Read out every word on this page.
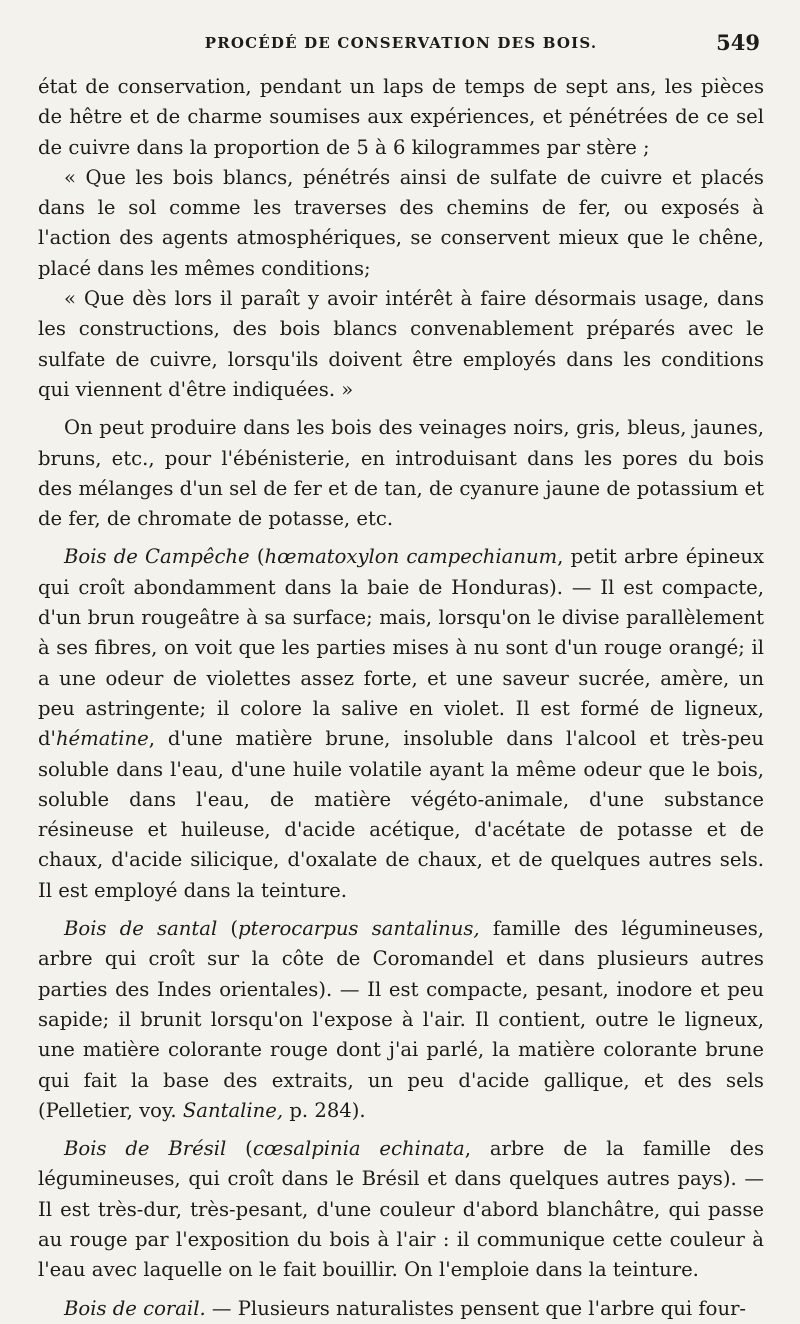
PROCÉDÉ DE CONSERVATION DES BOIS.	549

état de conservation, pendant un laps de temps de sept ans, les pièces de hêtre et de charme soumises aux expériences, et pénétrées de ce sel de cuivre dans la proportion de 5 à 6 kilogrammes par stère ;

« Que les bois blancs, pénétrés ainsi de sulfate de cuivre et placés dans le sol comme les traverses des chemins de fer, ou exposés à l'action des agents atmosphériques, se conservent mieux que le chêne, placé dans les mêmes conditions;

« Que dès lors il paraît y avoir intérêt à faire désormais usage, dans les constructions, des bois blancs convenablement préparés avec le sulfate de cuivre, lorsqu'ils doivent être employés dans les conditions qui viennent d'être indiquées. »

On peut produire dans les bois des veinages noirs, gris, bleus, jaunes, bruns, etc., pour l'ébénisterie, en introduisant dans les pores du bois des mélanges d'un sel de fer et de tan, de cyanure jaune de potassium et de fer, de chromate de potasse, etc.

Bois de Campêche (hœmatoxylon campechianum, petit arbre épineux qui croît abondamment dans la baie de Honduras). — Il est compacte, d'un brun rougeâtre à sa surface; mais, lorsqu'on le divise parallèlement à ses fibres, on voit que les parties mises à nu sont d'un rouge orangé; il a une odeur de violettes assez forte, et une saveur sucrée, amère, un peu astringente; il colore la salive en violet. Il est formé de ligneux, d'hématine, d'une matière brune, insoluble dans l'alcool et très-peu soluble dans l'eau, d'une huile volatile ayant la même odeur que le bois, soluble dans l'eau, de matière végéto-animale, d'une substance résineuse et huileuse, d'acide acétique, d'acétate de potasse et de chaux, d'acide silicique, d'oxalate de chaux, et de quelques autres sels. Il est employé dans la teinture.

Bois de santal (pterocarpus santalinus, famille des légumineuses, arbre qui croît sur la côte de Coromandel et dans plusieurs autres parties des Indes orientales). — Il est compacte, pesant, inodore et peu sapide; il brunit lorsqu'on l'expose à l'air. Il contient, outre le ligneux, une matière colorante rouge dont j'ai parlé, la matière colorante brune qui fait la base des extraits, un peu d'acide gallique, et des sels (Pelletier, voy. Santaline, p. 284).

Bois de Brésil (cœsalpinia echinata, arbre de la famille des légumineuses, qui croît dans le Brésil et dans quelques autres pays). — Il est très-dur, très-pesant, d'une couleur d'abord blanchâtre, qui passe au rouge par l'exposition du bois à l'air : il communique cette couleur à l'eau avec laquelle on le fait bouillir. On l'emploie dans la teinture.

Bois de corail. — Plusieurs naturalistes pensent que l'arbre qui four-
